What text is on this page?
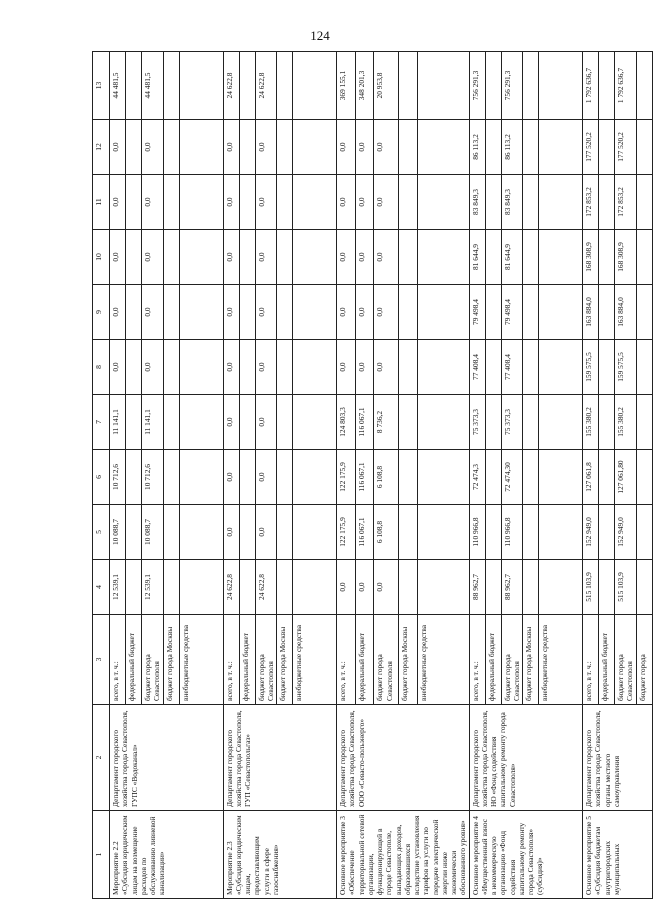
124
1	2	3	4	5	6	7	8	9	10	11	12	13
Мероприятие 2.2 «Субсидия юридическим лицам на возмещение расходов по обслуживанию ливневой канализации»	Департамент городского хозяйства города Севастополя, ГУПС «Водоканал»	всего, в т. ч.:	12 539,1	10 088,7	10 712,6	11 141,1	0,0	0,0	0,0	0,0	0,0	44 481,5
		федеральный бюджет										
		бюджет города Севастополя	12 539,1	10 088,7	10 712,6	11 141,1	0,0	0,0	0,0	0,0	0,0	44 481,5
		бюджет города Москвы										
		внебюджетные средства										
Мероприятие 2.3 «Субсидия юридическим лицам, предоставляющим услуги в сфере газоснабжения»	Департамент городского хозяйства города Севастополя, ГУП «Севастопольгаз»	всего, в т. ч.:	24 622,8	0,0	0,0	0,0	0,0	0,0	0,0	0,0	0,0	24 622,8
		федеральный бюджет										
		бюджет города Севастополя	24 622,8	0,0	0,0	0,0	0,0	0,0	0,0	0,0	0,0	24 622,8
		бюджет города Москвы										
		внебюджетные средства										
Основное мероприятие 3 «Обеспечение территориальной сетевой организации, функционирующей в городе Севастополе, выпадающих доходов, образовавшихся вследствие установления тарифов на услуги по передаче электрической энергии ниже экономически обоснованного уровня»	Департамент городского хозяйства города Севастополя, ООО «Севасто-польэнерго»	всего, в т. ч.:	0,0	122 175,9	122 175,9	124 803,3	0,0	0,0	0,0	0,0	0,0	369 155,1
		федеральный бюджет	0,0	116 067,1	116 067,1	116 067,1	0,0	0,0	0,0	0,0	0,0	348 201,3
		бюджет города Севастополя	0,0	6 108,8	6 108,8	8 736,2	0,0	0,0	0,0	0,0	0,0	20 953,8
		бюджет города Москвы										
		внебюджетные средства										
Основное мероприятие 4 «Имущественный взнос в некоммерческую организацию «Фонд содействия капитальному ремонту города Севастополя» (субсидия)»	Департамент городского хозяйства города Севастополя, НО «Фонд содействия капитальному ремонту города Севастополя»	всего, в т. ч.:	88 962,7	110 966,8	72 474,3	75 373,3	77 408,4	79 498,4	81 644,9	83 849,3	86 113,2	756 291,3
		федеральный бюджет										
		бюджет города Севастополя	88 962,7	110 966,8	72 474,30	75 373,3	77 408,4	79 498,4	81 644,9	83 849,3	86 113,2	756 291,3
		бюджет города Москвы										
		внебюджетные средства										
Основное мероприятие 5 «Субсидия бюджетам внутригородских муниципальных	Департамент городского хозяйства города Севастополя, органы местного самоуправления	всего, в т. ч.:	515 103,9	152 949,0	127 061,8	155 380,2	159 575,5	163 884,0	168 308,9	172 853,2	177 520,2	1 792 636,7
		федеральный бюджет										
		бюджет города Севастополя	515 103,9	152 949,0	127 061,80	155 380,2	159 575,5	163 884,0	168 308,9	172 853,2	177 520,2	1 792 636,7
		бюджет города										
